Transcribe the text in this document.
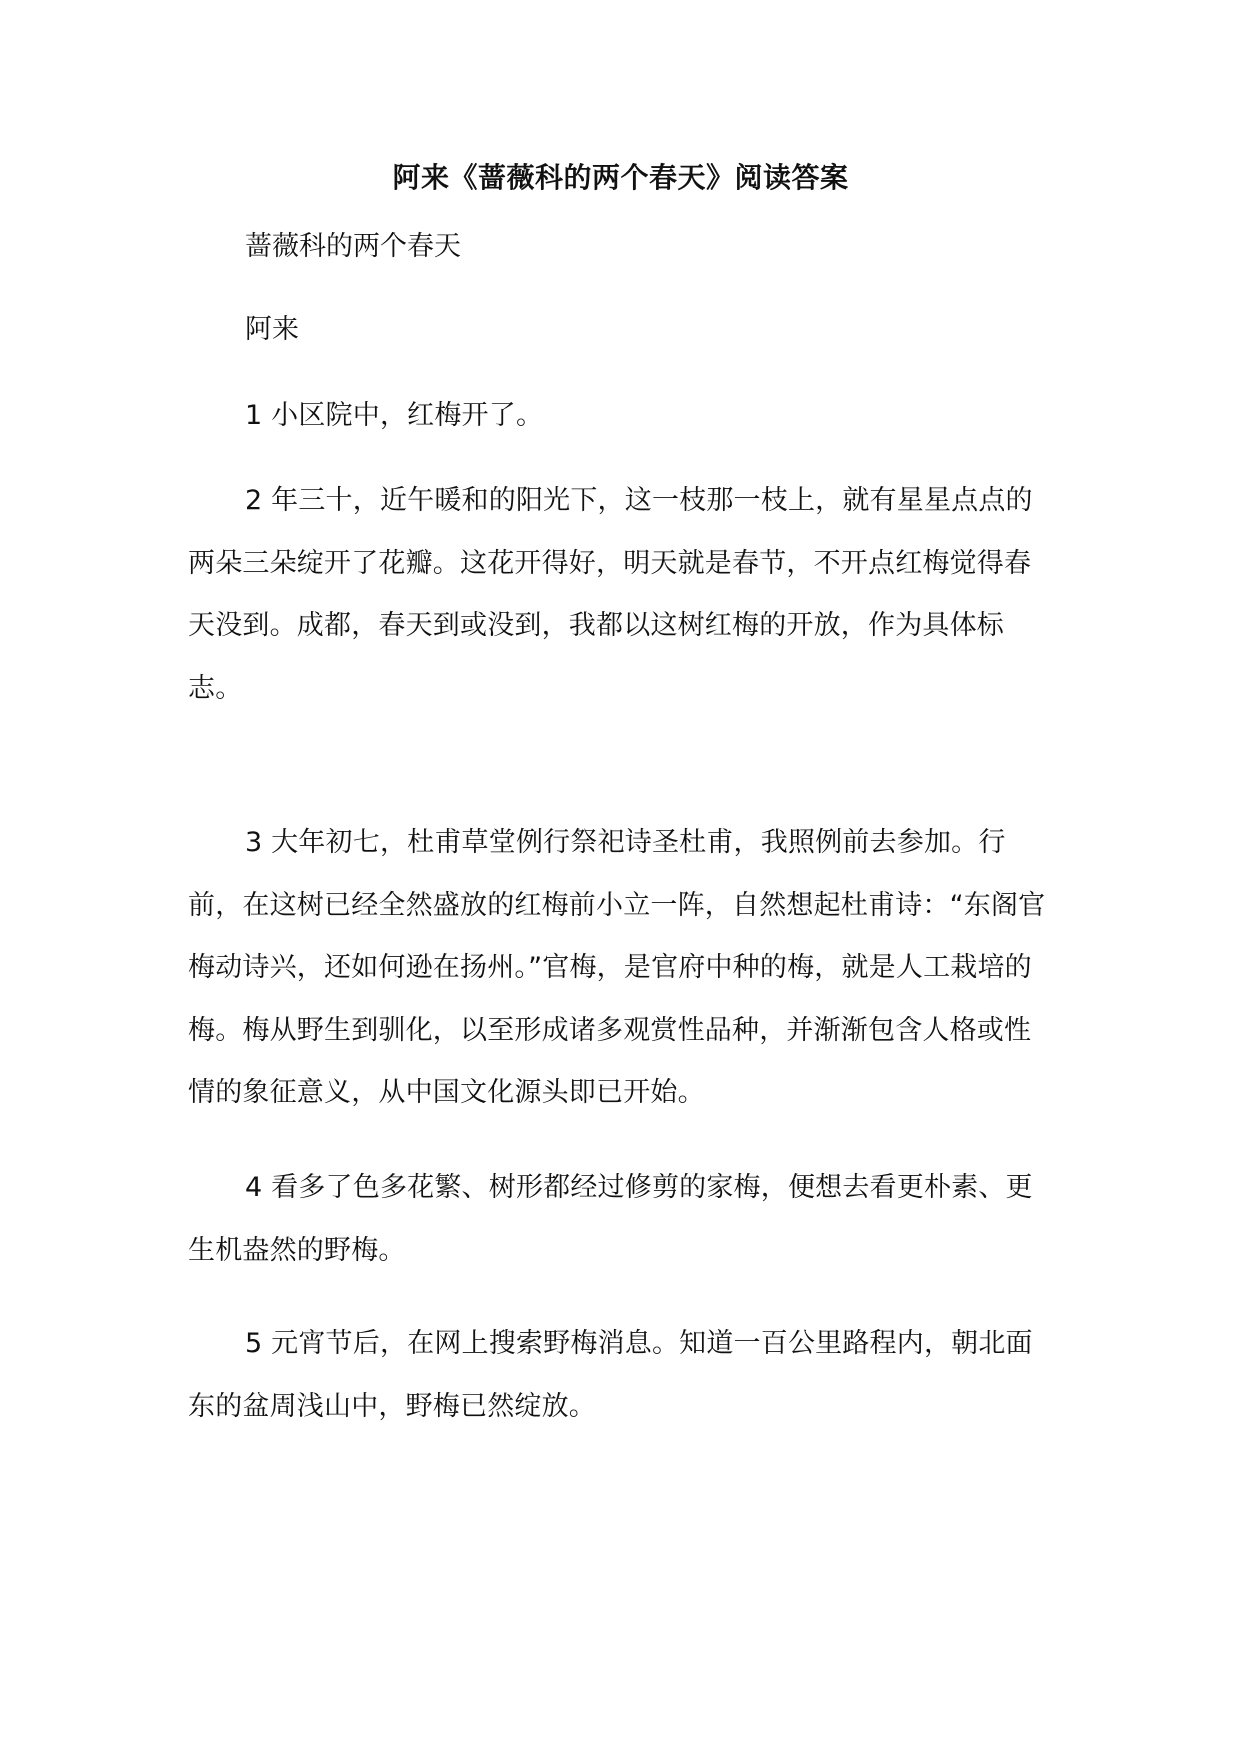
阿来《蔷薇科的两个春天》阅读答案

蔷薇科的两个春天

阿来

1 小区院中，红梅开了。

2 年三十，近午暖和的阳光下，这一枝那一枝上，就有星星点点的两朵三朵绽开了花瓣。这花开得好，明天就是春节，不开点红梅觉得春天没到。成都，春天到或没到，我都以这树红梅的开放，作为具体标志。

3 大年初七，杜甫草堂例行祭祀诗圣杜甫，我照例前去参加。行前，在这树已经全然盛放的红梅前小立一阵，自然想起杜甫诗：“东阁官梅动诗兴，还如何逊在扬州。”官梅，是官府中种的梅，就是人工栽培的梅。梅从野生到驯化，以至形成诸多观赏性品种，并渐渐包含人格或性情的象征意义，从中国文化源头即已开始。

4 看多了色多花繁、树形都经过修剪的家梅，便想去看更朴素、更生机盎然的野梅。

5 元宵节后，在网上搜索野梅消息。知道一百公里路程内，朝北面东的盆周浅山中，野梅已然绽放。
